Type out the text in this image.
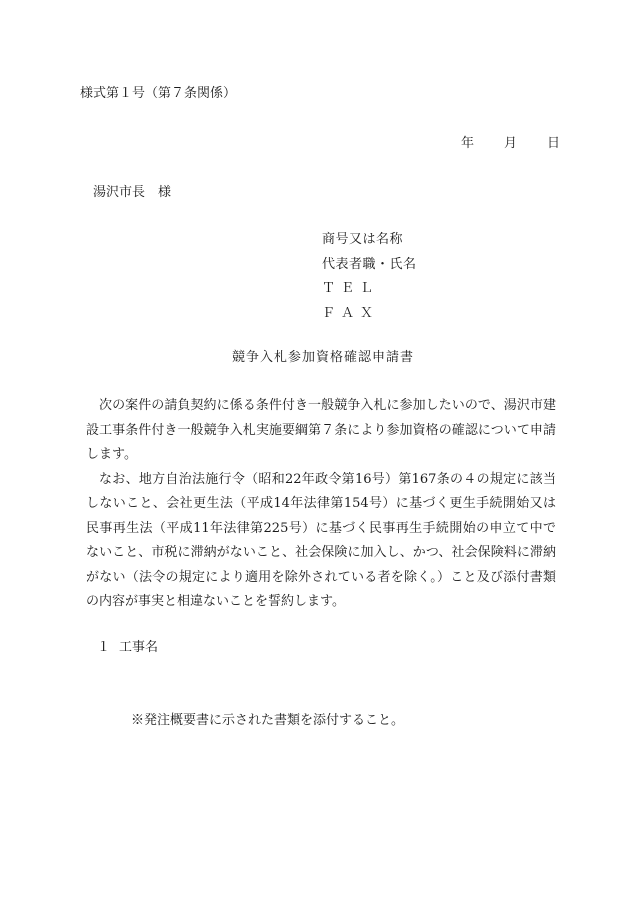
様式第１号（第７条関係）
年 月 日
湯沢市長　様
商号又は名称
代表者職・氏名
ＴＥＬ
ＦＡＸ
競争入札参加資格確認申請書

次の案件の請負契約に係る条件付き一般競争入札に参加したいので、湯沢市建設工事条件付き一般競争入札実施要綱第７条により参加資格の確認について申請します。

なお、地方自治法施行令（昭和22年政令第16号）第167条の４の規定に該当しないこと、会社更生法（平成14年法律第154号）に基づく更生手続開始又は民事再生法（平成11年法律第225号）に基づく民事再生手続開始の申立て中でないこと、市税に滞納がないこと、社会保険に加入し、かつ、社会保険料に滞納がない（法令の規定により適用を除外されている者を除く。）こと及び添付書類の内容が事実と相違ないことを誓約します。

１ 工事名
※発注概要書に示された書類を添付すること。
